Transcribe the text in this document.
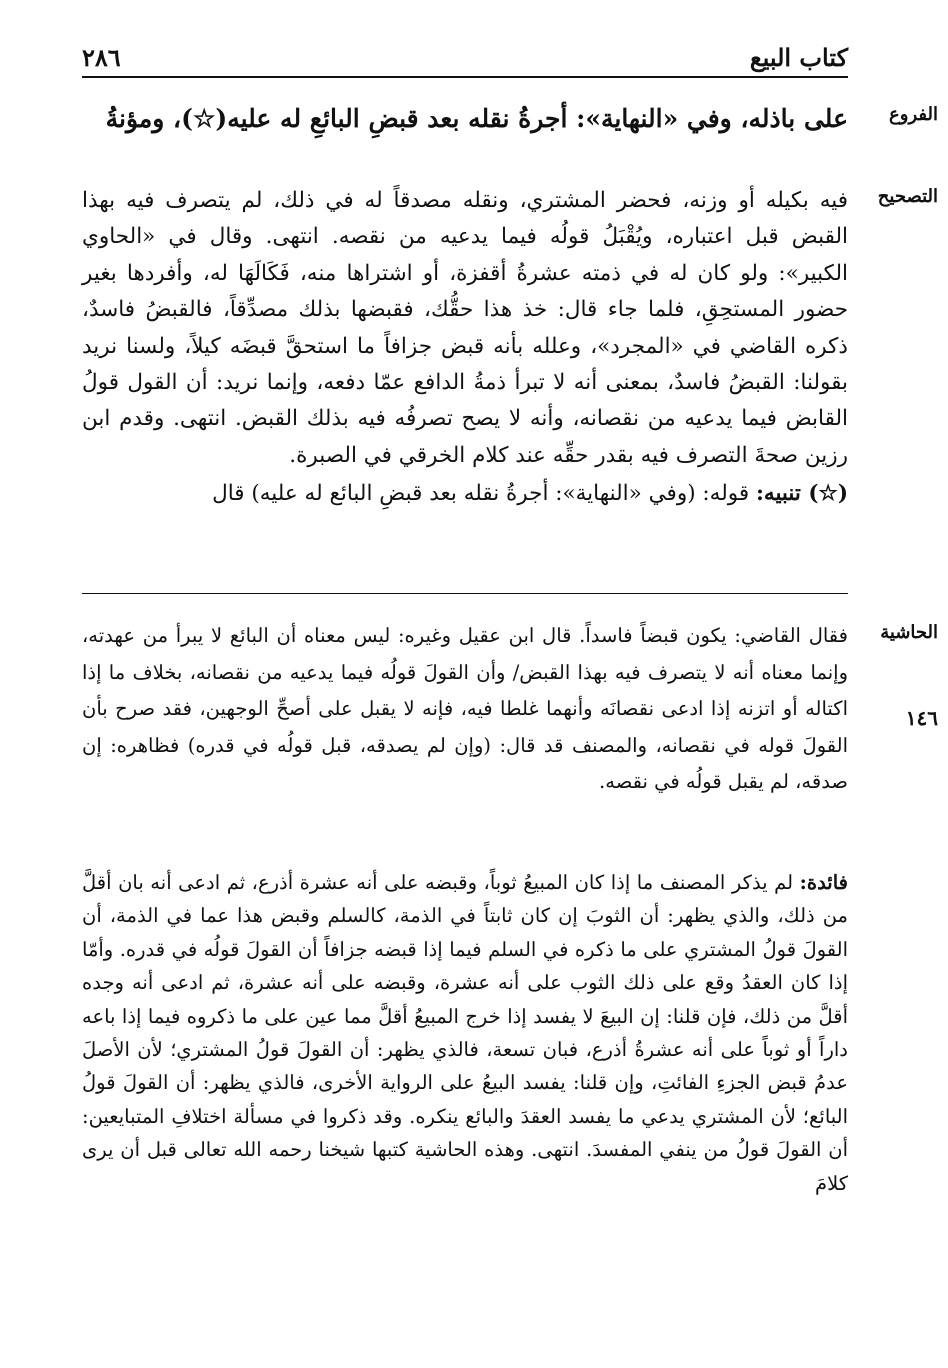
كتاب البيع
٢٨٦
الفروع
على باذله، وفي «النهاية»: أجرةُ نقله بعد قبضِ البائعِ له عليه(☆)، ومؤنةُ
التصحيح

فيه بكيله أو وزنه، فحضر المشتري، ونقله مصدقاً له في ذلك، لم يتصرف فيه بهذا القبض قبل اعتباره، ويُقْبَلُ قولُه فيما يدعيه من نقصه. انتهى. وقال في «الحاوي الكبير»: ولو كان له في ذمته عشرةُ أقفزة، أو اشتراها منه، فَكَالَهَا له، وأفردها بغير حضور المستحِقِ، فلما جاء قال: خذ هذا حقُّك، فقبضها بذلك مصدِّقاً، فالقبضُ فاسدٌ، ذكره القاضي في «المجرد»، وعلله بأنه قبض جزافاً ما استحقَّ قبضَه كيلاً، ولسنا نريد بقولنا: القبضُ فاسدٌ، بمعنى أنه لا تبرأ ذمةُ الدافع عمّا دفعه، وإنما نريد: أن القول قولُ القابض فيما يدعيه من نقصانه، وأنه لا يصح تصرفُه فيه بذلك القبض. انتهى. وقدم ابن رزين صحةَ التصرف فيه بقدر حقِّه عند كلام الخرقي في الصبرة.

(☆) تنبيه: قوله: (وفي «النهاية»: أجرةُ نقله بعد قبضِ البائع له عليه) قال

الحاشية
١٤٦

فقال القاضي: يكون قبضاً فاسداً. قال ابن عقيل وغيره: ليس معناه أن البائع لا يبرأ من عهدته، وإنما معناه أنه لا يتصرف فيه بهذا القبض/ وأن القولَ قولُه فيما يدعيه من نقصانه، بخلاف ما إذا اكتاله أو اتزنه إذا ادعى نقصانَه وأنهما غلطا فيه، فإنه لا يقبل على أصحِّ الوجهين، فقد صرح بأن القولَ قوله في نقصانه، والمصنف قد قال: (وإن لم يصدقه، قبل قولُه في قدره) فظاهره: إن صدقه، لم يقبل قولُه في نقصه.

فائدة: لم يذكر المصنف ما إذا كان المبيعُ ثوباً، وقبضه على أنه عشرة أذرع، ثم ادعى أنه بان أقلَّ من ذلك، والذي يظهر: أن الثوبَ إن كان ثابتاً في الذمة، كالسلم وقبض هذا عما في الذمة، أن القولَ قولُ المشتري على ما ذكره في السلم فيما إذا قبضه جزافاً أن القولَ قولُه في قدره. وأمّا إذا كان العقدُ وقع على ذلك الثوب على أنه عشرة، وقبضه على أنه عشرة، ثم ادعى أنه وجده أقلَّ من ذلك، فإن قلنا: إن البيعَ لا يفسد إذا خرج المبيعُ أقلَّ مما عين على ما ذكروه فيما إذا باعه داراً أو ثوباً على أنه عشرةُ أذرع، فبان تسعة، فالذي يظهر: أن القولَ قولُ المشتري؛ لأن الأصلَ عدمُ قبض الجزءِ الفائتِ، وإن قلنا: يفسد البيعُ على الرواية الأخرى، فالذي يظهر: أن القولَ قولُ البائع؛ لأن المشتري يدعي ما يفسد العقدَ والبائع ينكره. وقد ذكروا في مسألة اختلافِ المتبايعين: أن القولَ قولُ من ينفي المفسدَ. انتهى. وهذه الحاشية كتبها شيخنا رحمه الله تعالى قبل أن يرى كلامَ
